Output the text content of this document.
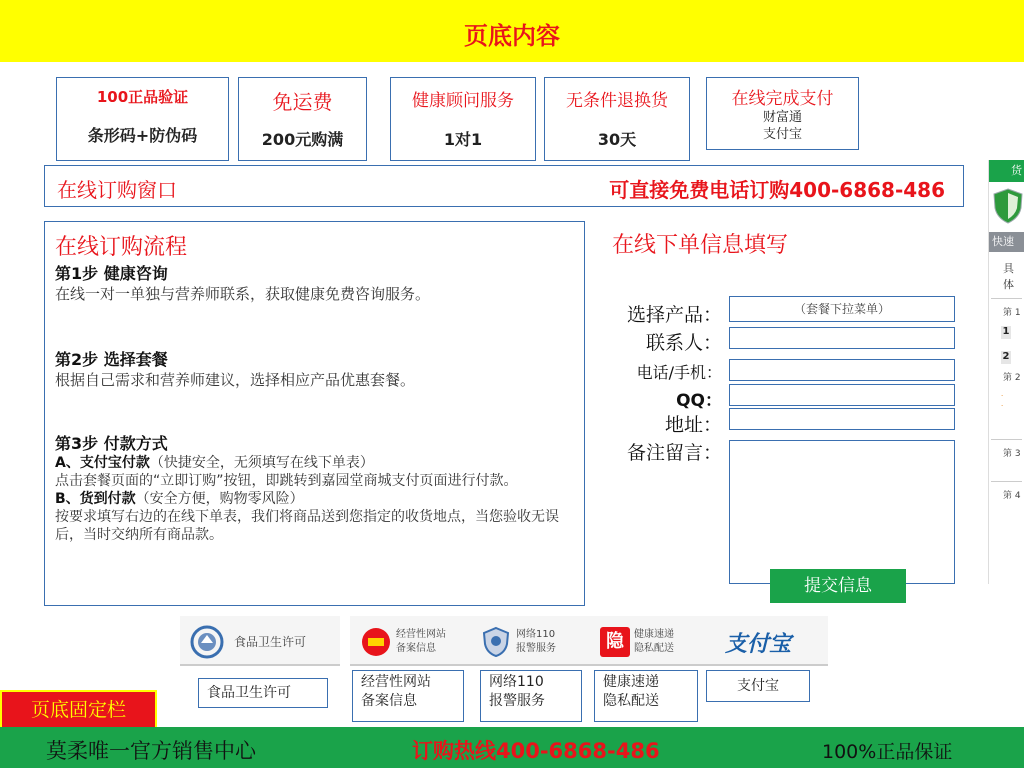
页底内容
100正品验证
条形码+防伪码
免运费
200元购满
健康顾问服务
1对1
无条件退换货
30天
在线完成支付
财富通
支付宝
在线订购窗口	可直接免费电话订购400-6868-486
在线订购流程
第1步 健康咨询
在线一对一单独与营养师联系，获取健康免费咨询服务。
第2步 选择套餐
根据自己需求和营养师建议，选择相应产品优惠套餐。
第3步 付款方式
A、支付宝付款（快捷安全，无须填写在线下单表）
点击套餐页面的“立即订购”按钮，即跳转到嘉园堂商城支付页面进行付款。
B、货到付款（安全方便，购物零风险）
按要求填写右边的在线下单表，我们将商品送到您指定的收货地点，当您验收无误后，当时交纳所有商品款。
在线下单信息填写
选择产品：	（套餐下拉菜单）
联系人：
电话/手机：
QQ：
地址：
备注留言：
提交信息
货
快速石
具体
第 1
1
2
第 2
·
·
第 3
第 4
食品卫生许可
经营性网站
备案信息
网络110
报警服务	隐	健康速递
隐私配送 支付宝
食品卫生许可
经营性网站
备案信息
网络110
报警服务
健康速递
隐私配送
支付宝
页底固定栏
莫柔唯一官方销售中心	订购热线400-6868-486	100%正品保证
